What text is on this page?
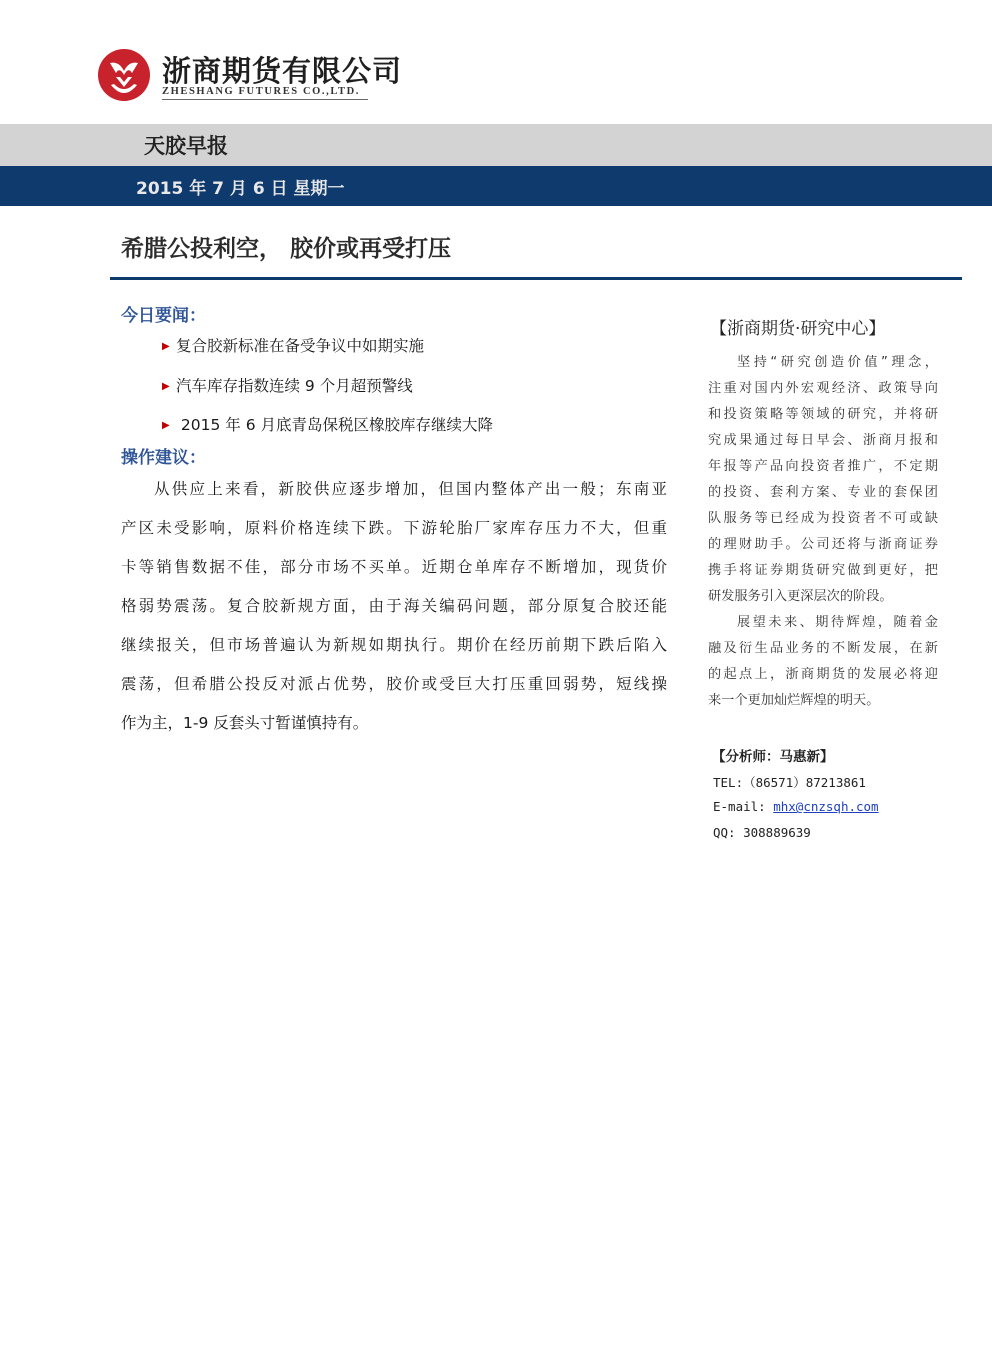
浙商期货有限公司
ZHESHANG FUTURES CO.,LTD.
天胶早报
2015 年 7 月 6 日 星期一
希腊公投利空， 胶价或再受打压
今日要闻：
▶ 复合胶新标准在备受争议中如期实施
▶ 汽车库存指数连续 9 个月超预警线
▶ 2015 年 6 月底青岛保税区橡胶库存继续大降
操作建议：
从供应上来看，新胶供应逐步增加，但国内整体产出一般；东南亚
产区未受影响，原料价格连续下跌。下游轮胎厂家库存压力不大，但重
卡等销售数据不佳，部分市场不买单。近期仓单库存不断增加，现货价
格弱势震荡。复合胶新规方面，由于海关编码问题，部分原复合胶还能
继续报关，但市场普遍认为新规如期执行。期价在经历前期下跌后陷入
震荡，但希腊公投反对派占优势，胶价或受巨大打压重回弱势，短线操
作为主，1-9 反套头寸暂谨慎持有。
【浙商期货·研究中心】
坚持“研究创造价值”理念，
注重对国内外宏观经济、政策导向
和投资策略等领域的研究，并将研
究成果通过每日早会、浙商月报和
年报等产品向投资者推广，不定期
的投资、套利方案、专业的套保团
队服务等已经成为投资者不可或缺
的理财助手。公司还将与浙商证券
携手将证券期货研究做到更好，把
研发服务引入更深层次的阶段。
展望未来、期待辉煌，随着金
融及衍生品业务的不断发展，在新
的起点上，浙商期货的发展必将迎
来一个更加灿烂辉煌的明天。
【分析师：马惠新】
TEL:（86571）87213861
E-mail: mhx@cnzsqh.com
QQ: 308889639
